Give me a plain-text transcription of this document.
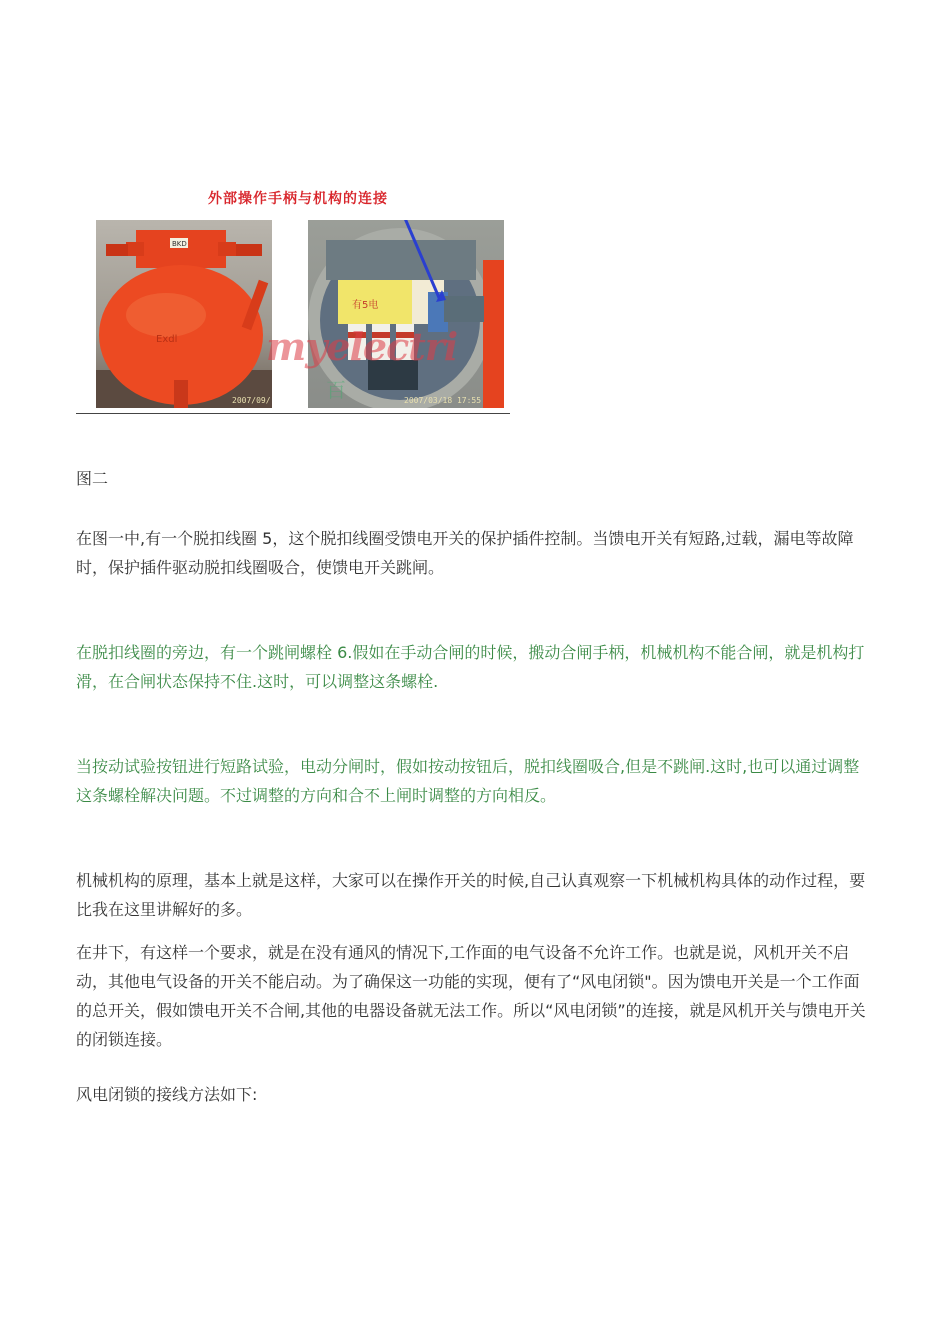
外部操作手柄与机构的连接
BKD
Exdl
2007/09/
有5电
2007/03/18 17:55
myelectri
百

图二

在图一中,有一个脱扣线圈 5，这个脱扣线圈受馈电开关的保护插件控制。当馈电开关有短路,过载，漏电等故障时，保护插件驱动脱扣线圈吸合，使馈电开关跳闸。

在脱扣线圈的旁边，有一个跳闸螺栓 6.假如在手动合闸的时候，搬动合闸手柄，机械机构不能合闸，就是机构打滑，在合闸状态保持不住.这时，可以调整这条螺栓.

当按动试验按钮进行短路试验，电动分闸时，假如按动按钮后，脱扣线圈吸合,但是不跳闸.这时,也可以通过调整这条螺栓解决问题。不过调整的方向和合不上闸时调整的方向相反。

机械机构的原理，基本上就是这样，大家可以在操作开关的时候,自己认真观察一下机械机构具体的动作过程，要比我在这里讲解好的多。

在井下，有这样一个要求，就是在没有通风的情况下,工作面的电气设备不允许工作。也就是说，风机开关不启动，其他电气设备的开关不能启动。为了确保这一功能的实现，便有了“风电闭锁"。因为馈电开关是一个工作面的总开关，假如馈电开关不合闸,其他的电器设备就无法工作。所以“风电闭锁”的连接，就是风机开关与馈电开关的闭锁连接。

风电闭锁的接线方法如下:
